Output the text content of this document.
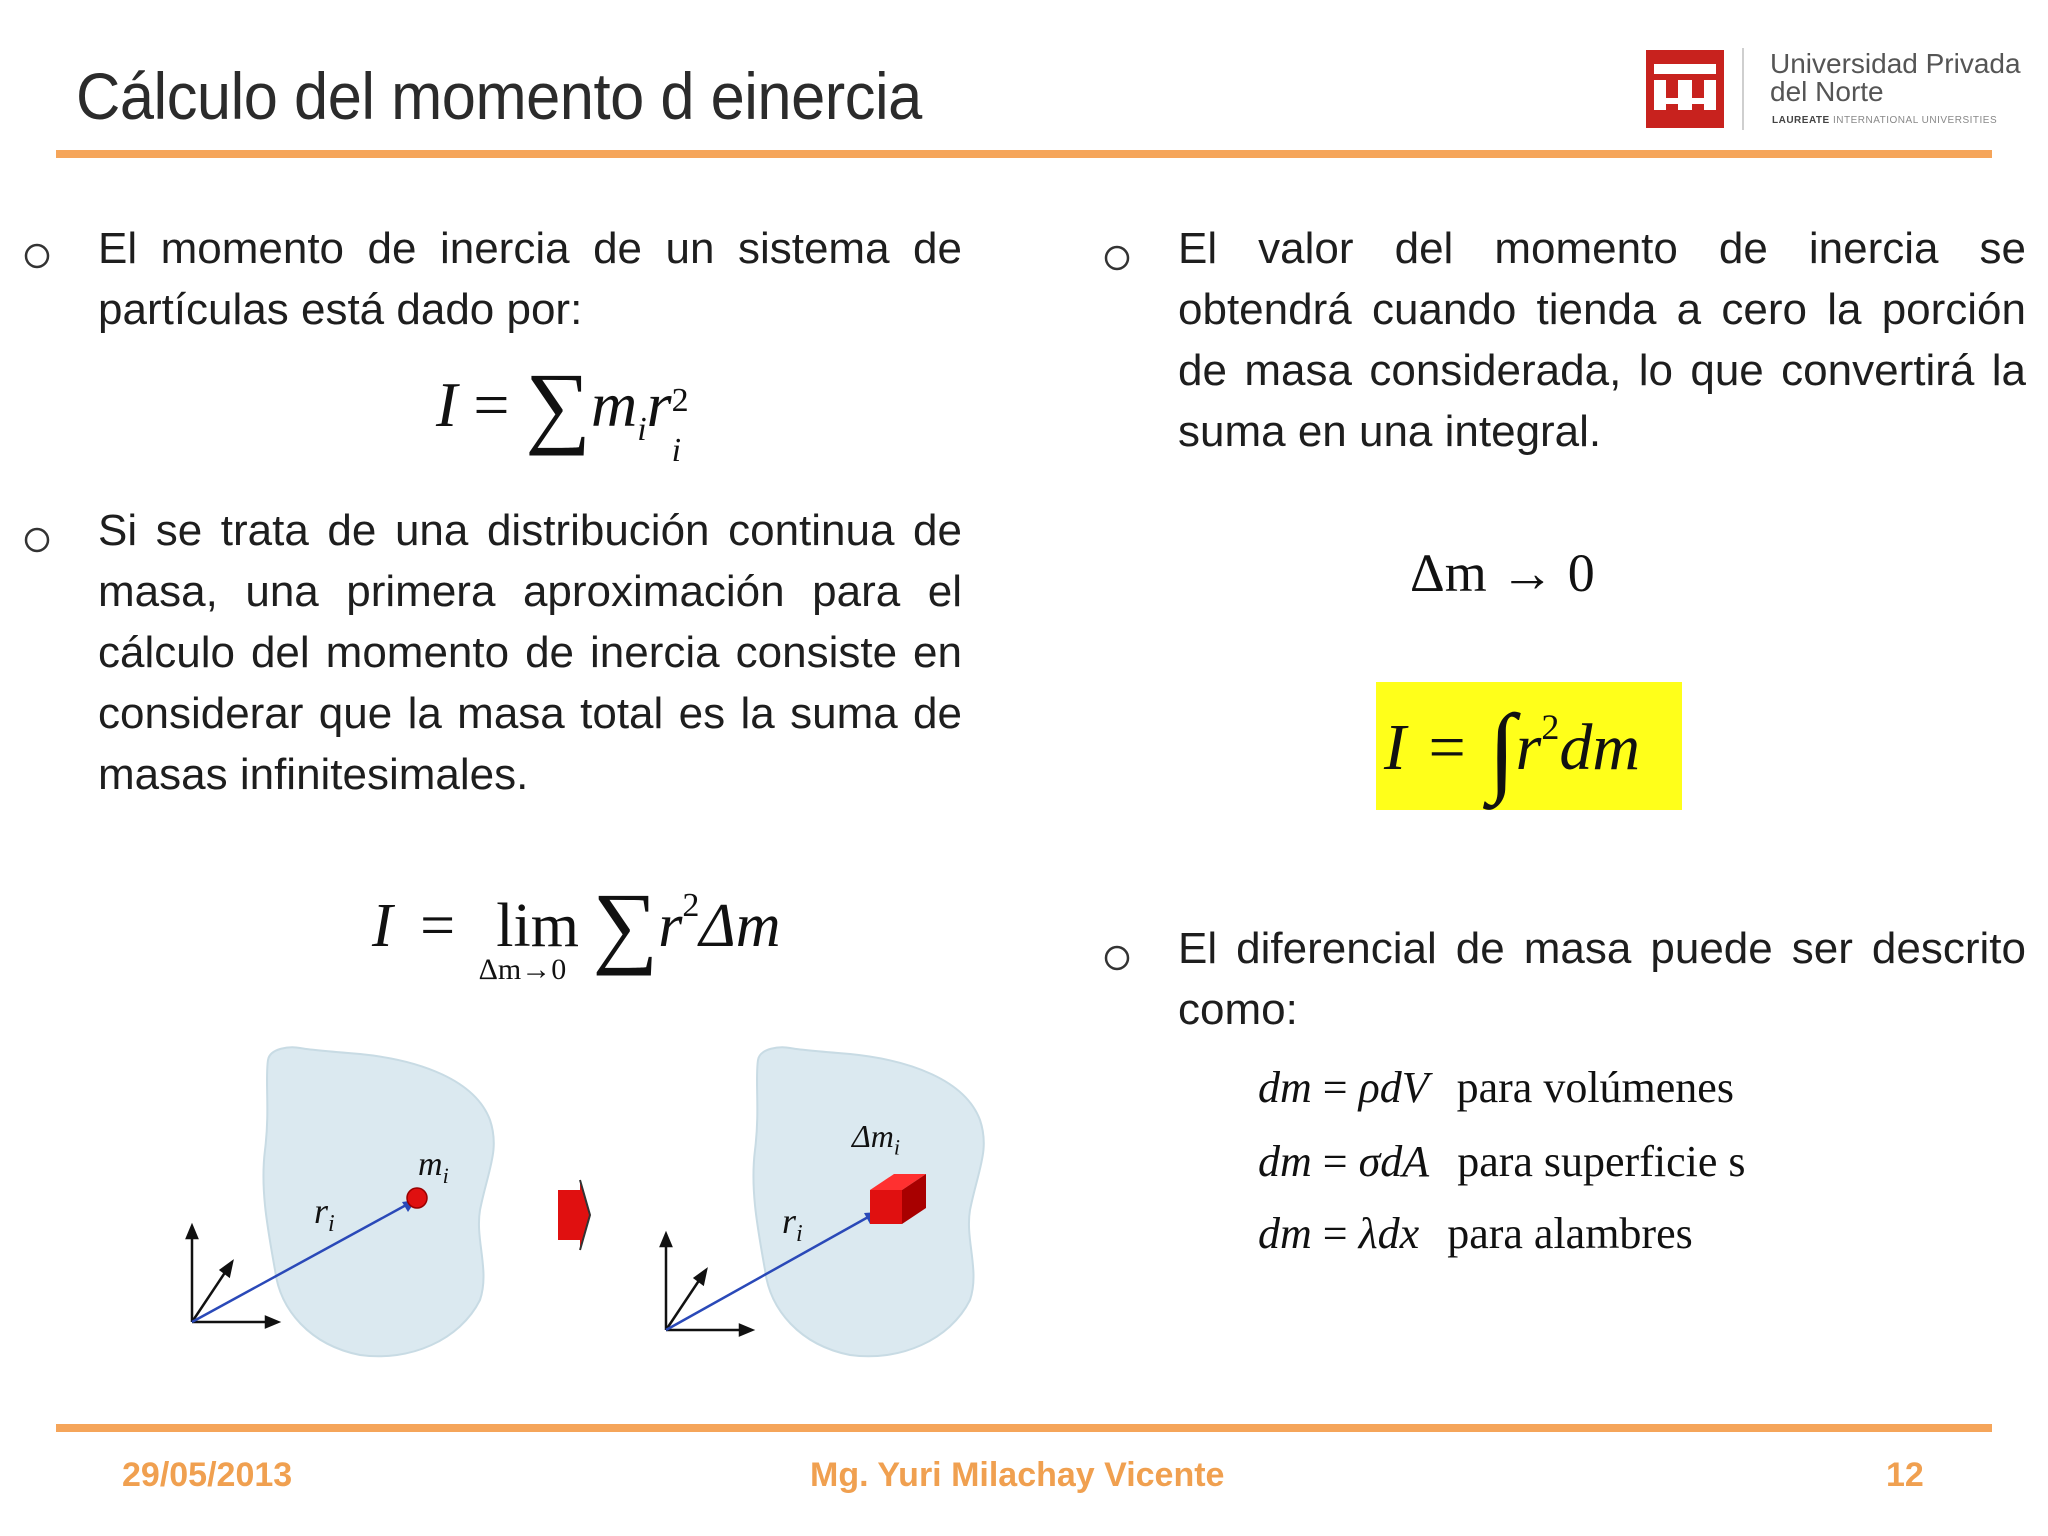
Cálculo del momento d einercia	Universidad Privada
del Norte
LAUREATE INTERNATIONAL UNIVERSITIES
El momento de inercia de un sistema de partículas está dado por:
$I = \sum m_ir$ 2
i
Si se trata de una distribución continua de masa, una primera aproximación para el cálculo del momento de inercia consiste en considerar que la masa total es la suma de masas infinitesimales.
I = lim
Δm→0 $\sum r^2\Delta m$
$m_i$
$r_i$
$\Delta m_i$
$r_i$
El valor del momento de inercia se obtendrá cuando tienda a cero la porción de masa considerada, lo que convertirá la suma en una integral.
Δm → 0
$I = \int r^2dm$
El diferencial de masa puede ser descrito como:
dm = ρdV para volúmenes
dm = σdA para superficie s
dm = λdx para alambres
29/05/2013	Mg. Yuri Milachay Vicente	12
